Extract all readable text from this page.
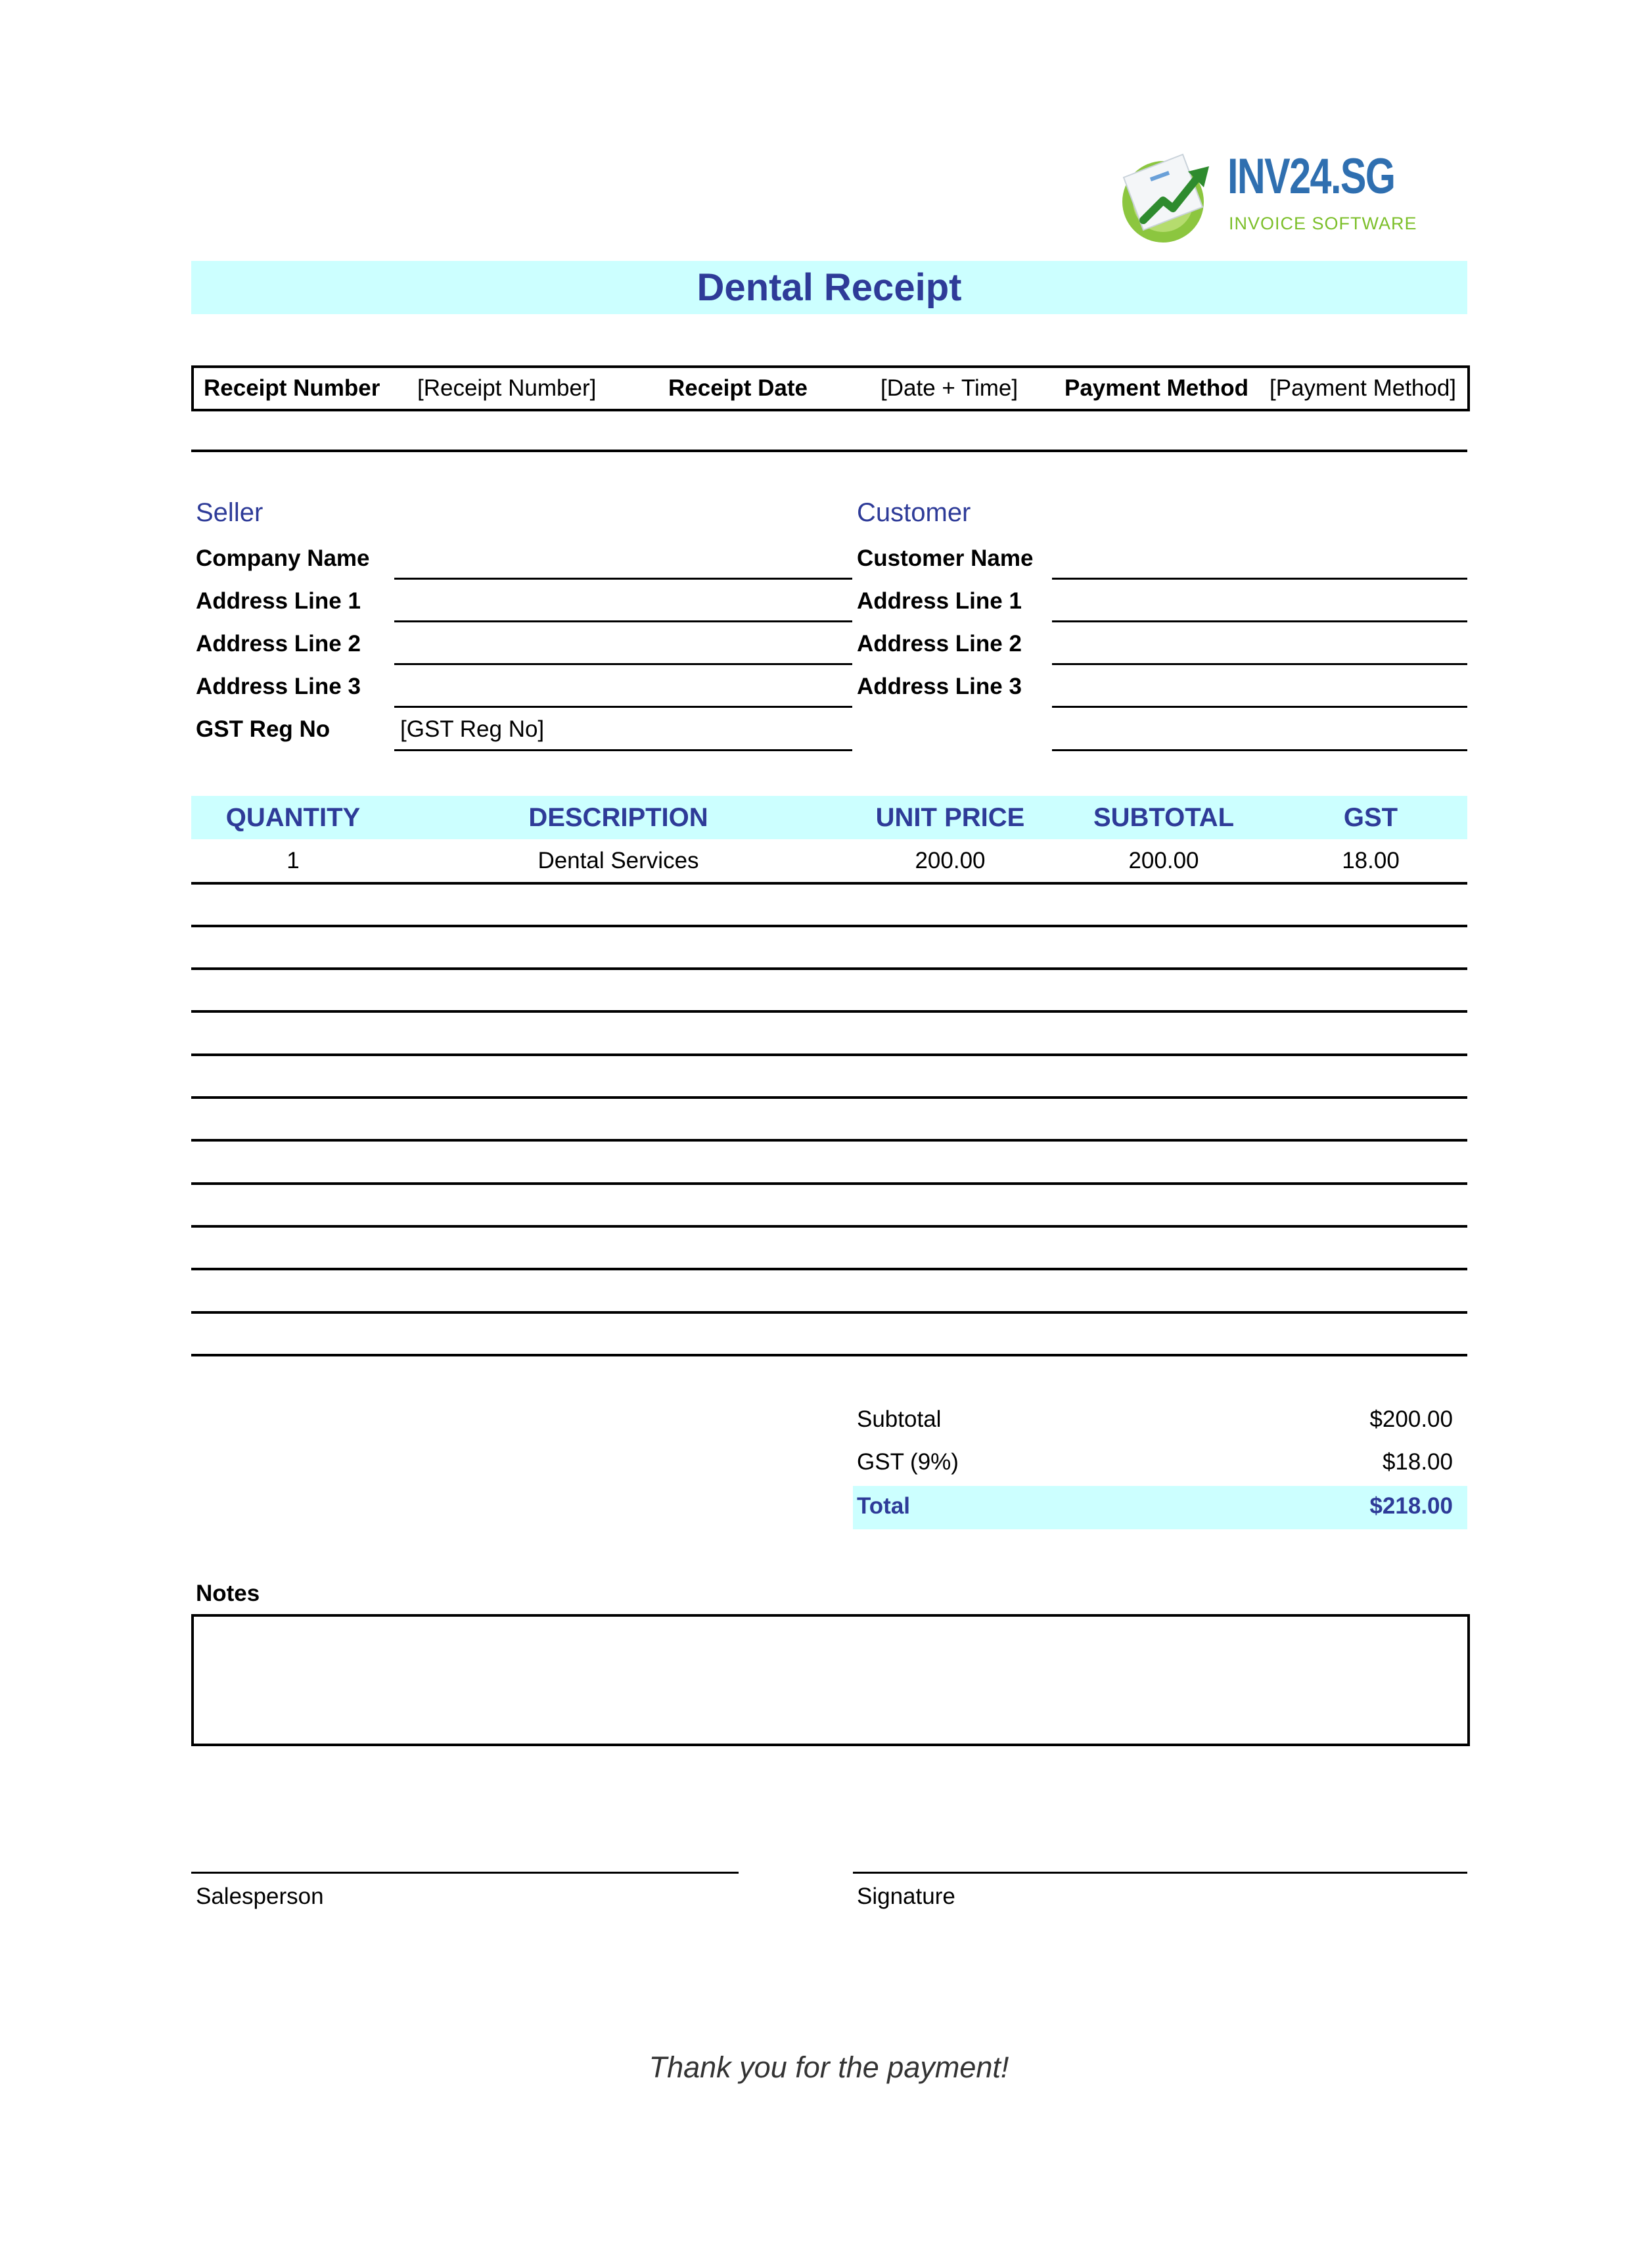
INV24.SG
INVOICE SOFTWARE
Dental Receipt
Receipt Number [Receipt Number]	Receipt Date	[Date + Time] Payment Method [Payment Method]
Seller
Company Name
Address Line 1
Address Line 2
Address Line 3
GST Reg No	[GST Reg No]
Customer
Customer Name
Address Line 1
Address Line 2
Address Line 3
QUANTITY	DESCRIPTION	UNIT PRICE	SUBTOTAL	GST
1	Dental Services	200.00	200.00	18.00
Subtotal	$200.00
GST (9%)	$18.00
Total	$218.00
Notes
Salesperson	Signature
Thank you for the payment!
